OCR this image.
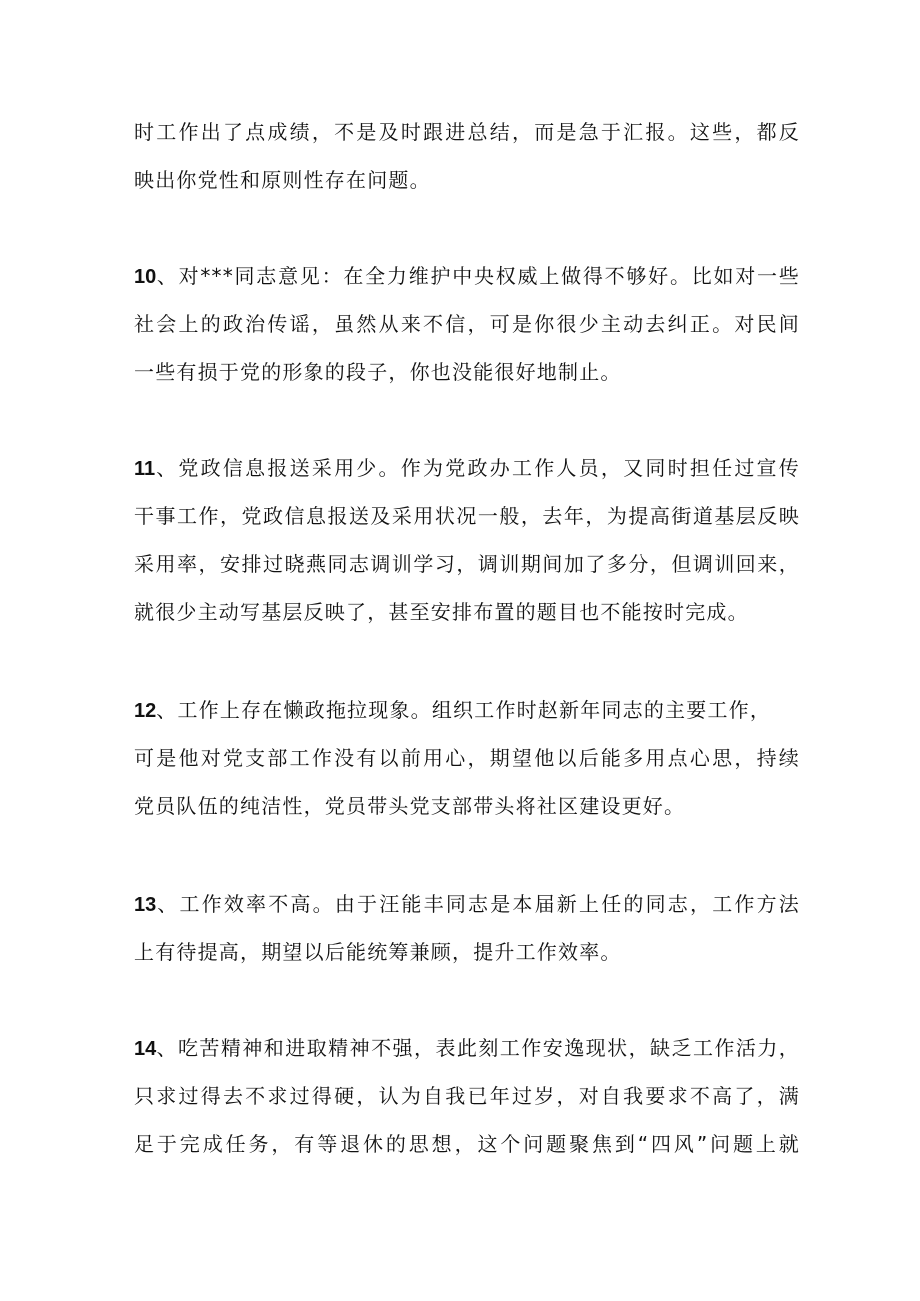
时工作出了点成绩，不是及时跟进总结，而是急于汇报。这些，都反
映出你党性和原则性存在问题。
10、对***同志意见：在全力维护中央权威上做得不够好。比如对一些
社会上的政治传谣，虽然从来不信，可是你很少主动去纠正。对民间
一些有损于党的形象的段子，你也没能很好地制止。
11、党政信息报送采用少。作为党政办工作人员，又同时担任过宣传
干事工作，党政信息报送及采用状况一般，去年，为提高街道基层反映
采用率，安排过晓燕同志调训学习，调训期间加了多分，但调训回来，
就很少主动写基层反映了，甚至安排布置的题目也不能按时完成。
12、工作上存在懒政拖拉现象。组织工作时赵新年同志的主要工作，
可是他对党支部工作没有以前用心，期望他以后能多用点心思，持续
党员队伍的纯洁性，党员带头党支部带头将社区建设更好。
13、工作效率不高。由于汪能丰同志是本届新上任的同志，工作方法
上有待提高，期望以后能统筹兼顾，提升工作效率。
14、吃苦精神和进取精神不强，表此刻工作安逸现状，缺乏工作活力，
只求过得去不求过得硬，认为自我已年过岁，对自我要求不高了，满
足于完成任务，有等退休的思想，这个问题聚焦到“四风”问题上就
